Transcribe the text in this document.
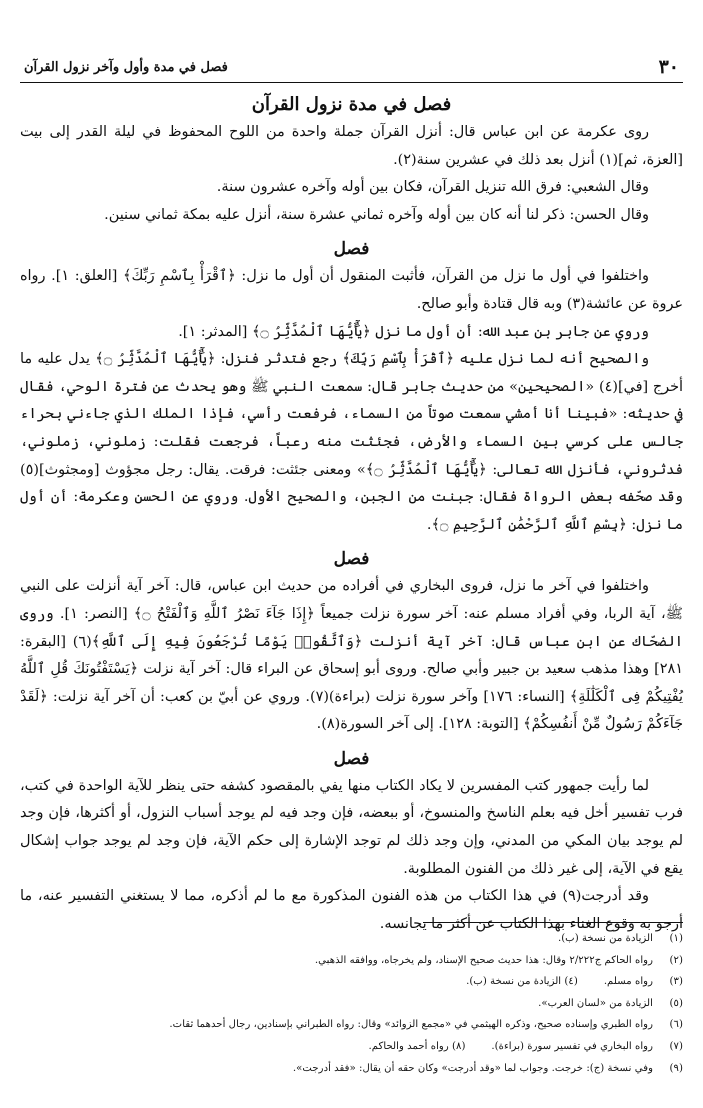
٣٠
فصل في مدة وأول وآخر نزول القرآن
فصل في مدة نزول القرآن

روى عكرمة عن ابن عباس قال: أنزل القرآن جملة واحدة من اللوح المحفوظ في ليلة القدر إلى بيت [العزة، ثم](١) أنزل بعد ذلك في عشرين سنة(٢).

وقال الشعبي: فرق الله تنزيل القرآن، فكان بين أوله وآخره عشرون سنة.

وقال الحسن: ذكر لنا أنه كان بين أوله وآخره ثماني عشرة سنة، أنزل عليه بمكة ثماني سنين.

فصل

واختلفوا في أول ما نزل من القرآن، فأثبت المنقول أن أول ما نزل: ﴿ٱقْرَأْ بِٱسْمِ رَبِّكَ﴾ [العلق: ١]. رواه عروة عن عائشة(٣) وبه قال قتادة وأبو صالح.

وروي عن جابر بن عبد الله: أن أول ما نزل ﴿يَٰٓأَيُّهَا ٱلْمُدَّثِّرُ ۝﴾ [المدثر: ١].

والصحيح أنه لما نزل عليه ﴿ٱقْرَأْ بِٱسْمِ رَبِّكَ﴾ رجع فتدثر فنزل: ﴿يَٰٓأَيُّهَا ٱلْمُدَّثِّرُ ۝﴾ يدل عليه ما أخرج [في](٤) «الصحيحين» من حديث جابر قال: سمعت النبي ﷺ وهو يحدث عن فترة الوحي، فقال في حديثه: «فبينا أنا أمشي سمعت صوتاً من السماء، فرفعت رأسي، فإذا الملك الذي جاءني بحراء جالس على كرسي بين السماء والأرض، فجئثت منه رعباً، فرجعت فقلت: زملوني، زملوني، فدثروني، فأنزل الله تعالى: ﴿يَٰٓأَيُّهَا ٱلْمُدَّثِّرُ ۝﴾» ومعنى جئثت: فرقت. يقال: رجل مجؤوث [ومجثوث](٥) وقد صحّفه بعض الرواة فقال: جبنت من الجبن، والصحيح الأول. وروي عن الحسن وعكرمة: أن أول ما نزل: ﴿بِسْمِ ٱللَّهِ ٱلرَّحْمَٰنِ ٱلرَّحِيمِ ۝﴾.

فصل

واختلفوا في آخر ما نزل، فروى البخاري في أفراده من حديث ابن عباس، قال: آخر آية أنزلت على النبي ﷺ، آية الربا، وفي أفراد مسلم عنه: آخر سورة نزلت جميعاً ﴿إِذَا جَآءَ نَصْرُ ٱللَّهِ وَٱلْفَتْحُ ۝﴾ [النصر: ١]. وروى الضحّاك عن ابن عباس قال: آخر آية أنزلت ﴿وَٱتَّقُوا۟ يَوْمًا تُرْجَعُونَ فِيهِ إِلَى ٱللَّهِ﴾(٦) [البقرة: ٢٨١] وهذا مذهب سعيد بن جبير وأبي صالح. وروى أبو إسحاق عن البراء قال: آخر آية نزلت ﴿يَسْتَفْتُونَكَ قُلِ ٱللَّهُ يُفْتِيكُمْ فِى ٱلْكَلَٰلَةِ﴾ [النساء: ١٧٦] وآخر سورة نزلت (براءة)(٧). وروي عن أبيّ بن كعب: أن آخر آية نزلت: ﴿لَقَدْ جَآءَكُمْ رَسُولٌ مِّنْ أَنفُسِكُمْ﴾ [التوبة: ١٢٨]. إلى آخر السورة(٨).

فصل

لما رأيت جمهور كتب المفسرين لا يكاد الكتاب منها يفي بالمقصود كشفه حتى ينظر للآية الواحدة في كتب، فرب تفسير أخل فيه بعلم الناسخ والمنسوخ، أو ببعضه، فإن وجد فيه لم يوجد أسباب النزول، أو أكثرها، فإن وجد لم يوجد بيان المكي من المدني، وإن وجد ذلك لم توجد الإشارة إلى حكم الآية، فإن وجد لم يوجد جواب إشكال يقع في الآية، إلى غير ذلك من الفنون المطلوبة.

وقد أدرجت(٩) في هذا الكتاب من هذه الفنون المذكورة مع ما لم أذكره، مما لا يستغني التفسير عنه، ما أرجو به وقوع الغناء بهذا الكتاب عن أكثر ما يجانسه.

(١)الزيادة من نسخة (ب).
(٢)رواه الحاكم ج٢/٢٢٢ وقال: هذا حديث صحيح الإسناد، ولم يخرجاه، ووافقه الذهبي.
(٣)رواه مسلم.(٤) الزيادة من نسخة (ب).
(٥)الزيادة من «لسان العرب».
(٦)رواه الطبري وإسناده صحيح، وذكره الهيثمي في «مجمع الزوائد» وقال: رواه الطبراني بإسنادين، رجال أحدهما ثقات.
(٧)رواه البخاري في تفسير سورة (براءة).(٨) رواه أحمد والحاكم.
(٩)وفي نسخة (ج): خرجت. وجواب لما «وقد أدرجت» وكان حقه أن يقال: «فقد أدرجت».
